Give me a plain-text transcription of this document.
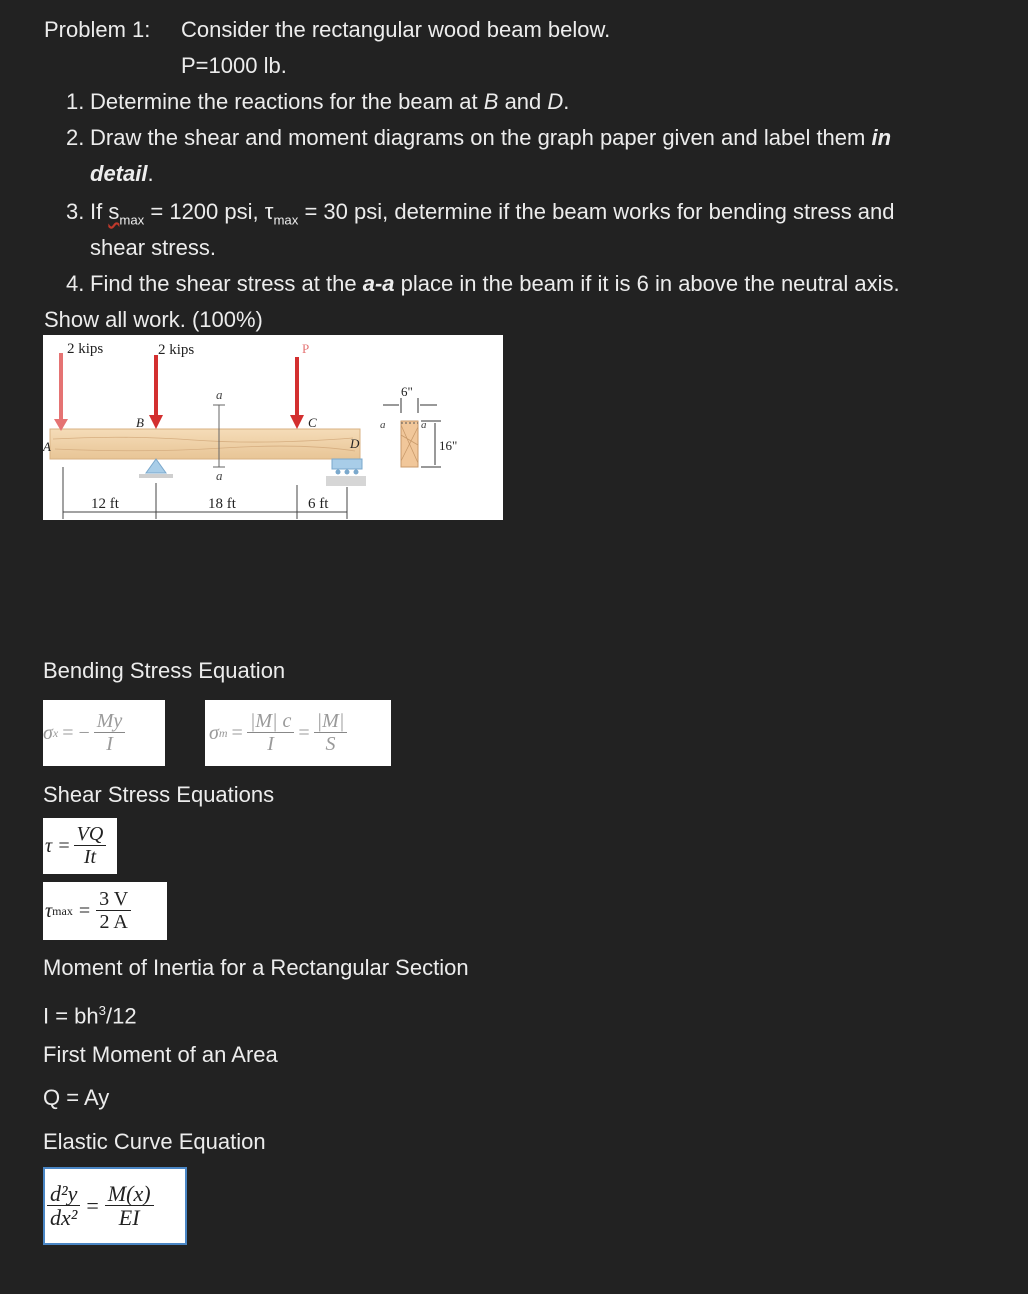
Problem 1: Consider the rectangular wood beam below.
P=1000 lb.
1. Determine the reactions for the beam at B and D.
2. Draw the shear and moment diagrams on the graph paper given and label them in
detail.
3. If $s_{max} = 1200$ psi, $\tau_{max} = 30$ psi, determine if the beam works for bending stress and
shear stress.
4. Find the shear stress at the a-a place in the beam if it is 6 in above the neutral axis.
Show all work. (100%)
2 kips	2 kips	P
A
B	C
D
a
a
12 ft	18 ft	6 ft
a	a
6"
16"
Bending Stress Equation
σ x = − $\frac{My}{I}$	σ $m = \frac{|M| c}{I} = \frac{|M|}{S}$
Shear Stress Equations
$\tau = \frac{VQ}{It}$
τ $\max = \frac{3 V}{2 A}$
Moment of Inertia for a Rectangular Section
$I = bh^3/12$
First Moment of an Area
Q = Ay
Elastic Curve Equation
$\frac{\text{d²y}}{\text{dx²}} = \frac{M(x)}{EI}$
